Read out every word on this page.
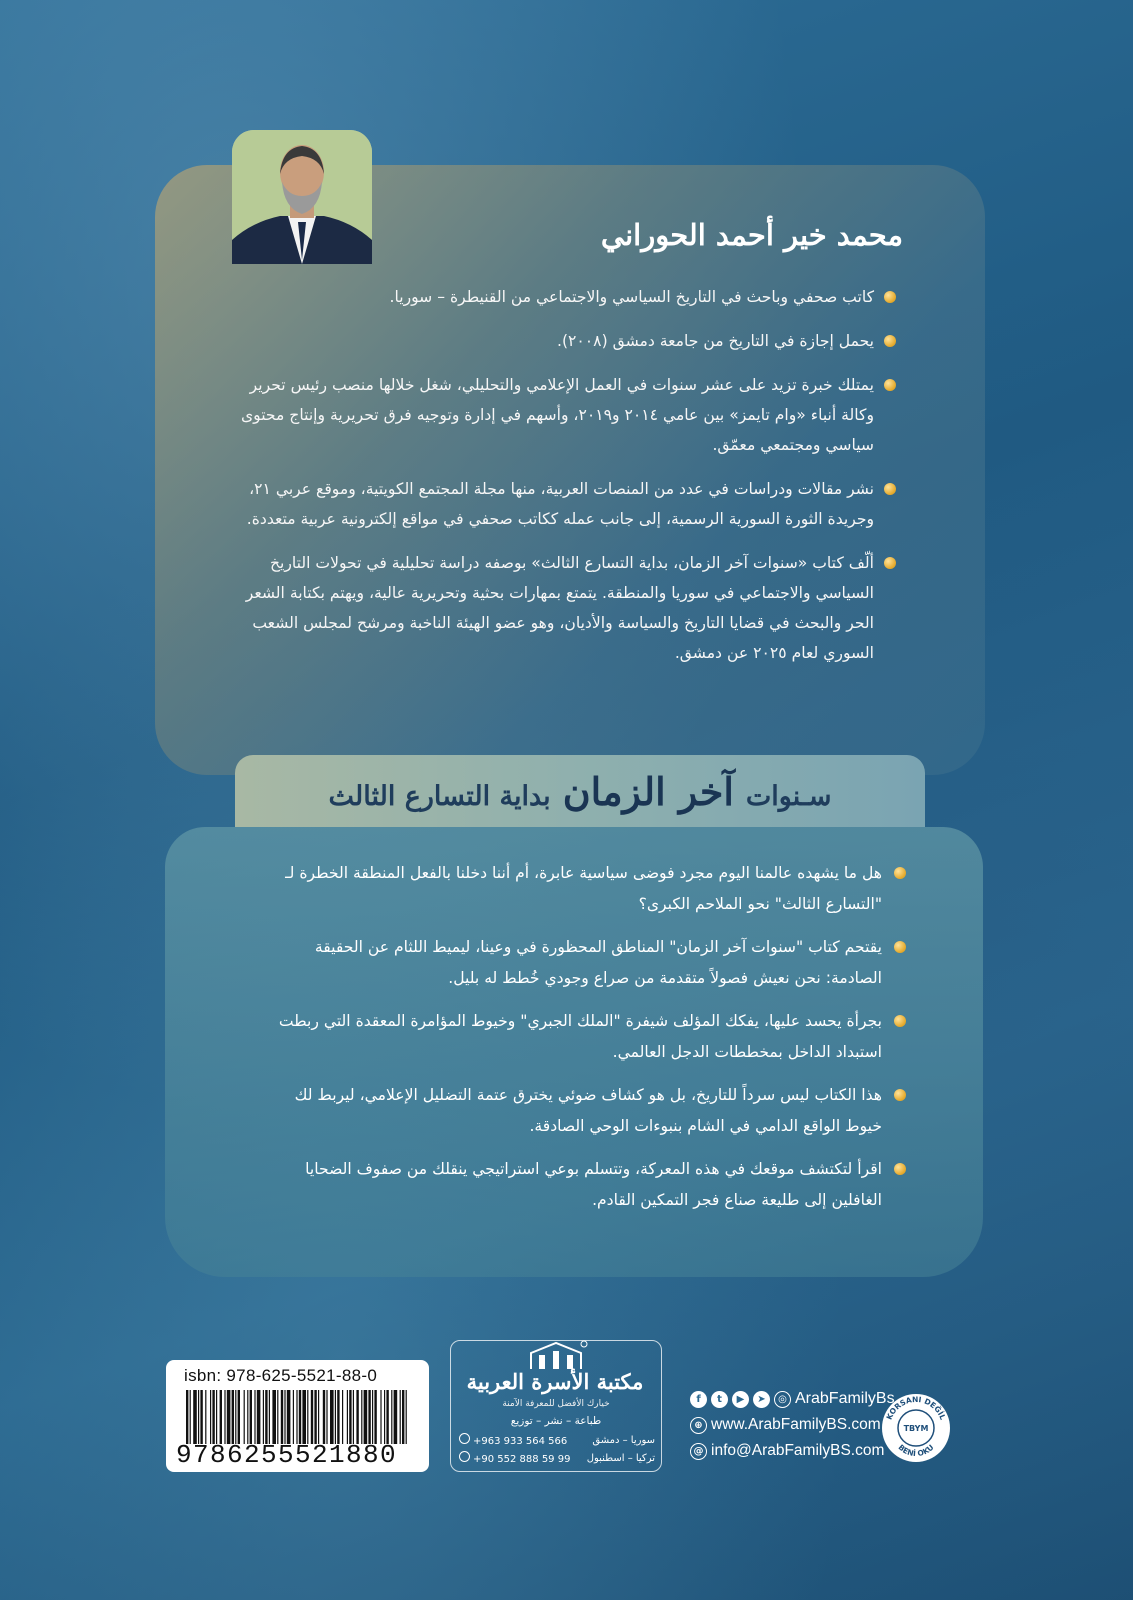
محمد خير أحمد الحوراني
كاتب صحفي وباحث في التاريخ السياسي والاجتماعي من القنيطرة – سوريا.
يحمل إجازة في التاريخ من جامعة دمشق (٢٠٠٨).
يمتلك خبرة تزيد على عشر سنوات في العمل الإعلامي والتحليلي، شغل خلالها منصب رئيس تحرير وكالة أنباء «وام تايمز» بين عامي ٢٠١٤ و٢٠١٩، وأسهم في إدارة وتوجيه فرق تحريرية وإنتاج محتوى سياسي ومجتمعي معمّق.
نشر مقالات ودراسات في عدد من المنصات العربية، منها مجلة المجتمع الكويتية، وموقع عربي ٢١، وجريدة الثورة السورية الرسمية، إلى جانب عمله ككاتب صحفي في مواقع إلكترونية عربية متعددة.
ألّف كتاب «سنوات آخر الزمان، بداية التسارع الثالث» بوصفه دراسة تحليلية في تحولات التاريخ السياسي والاجتماعي في سوريا والمنطقة. يتمتع بمهارات بحثية وتحريرية عالية، ويهتم بكتابة الشعر الحر والبحث في قضايا التاريخ والسياسة والأديان، وهو عضو الهيئة الناخبة ومرشح لمجلس الشعب السوري لعام ٢٠٢٥ عن دمشق.
سـنوات
آخر الزمان
بداية التسارع الثالث
هل ما يشهده عالمنا اليوم مجرد فوضى سياسية عابرة، أم أننا دخلنا بالفعل المنطقة الخطرة لـ "التسارع الثالث" نحو الملاحم الكبرى؟
يقتحم كتاب "سنوات آخر الزمان" المناطق المحظورة في وعينا، ليميط اللثام عن الحقيقة الصادمة: نحن نعيش فصولاً متقدمة من صراع وجودي خُطط له بليل.
بجرأة يحسد عليها، يفكك المؤلف شيفرة "الملك الجبري" وخيوط المؤامرة المعقدة التي ربطت استبداد الداخل بمخططات الدجل العالمي.
هذا الكتاب ليس سرداً للتاريخ، بل هو كشاف ضوئي يخترق عتمة التضليل الإعلامي، ليربط لك خيوط الواقع الدامي في الشام بنبوءات الوحي الصادقة.
اقرأ لتكتشف موقعك في هذه المعركة، وتتسلم بوعي استراتيجي ينقلك من صفوف الضحايا الغافلين إلى طليعة صناع فجر التمكين القادم.
isbn: 978-625-5521-88-0
9786255521880
مكتبة الأسرة العربية
خيارك الأفضل للمعرفة الآمنة
طباعة – نشر – توزيع
+963 933 564 566	سوريا – دمشق
+90 552 888 59 99 تركيا – اسطنبول
f	t	▶	➤	◎ ArabFamilyBs
⊕ www.ArabFamilyBS.com
@ info@ArabFamilyBS.com
KORSANI DEĞİL
BENİ OKU
TBYM
